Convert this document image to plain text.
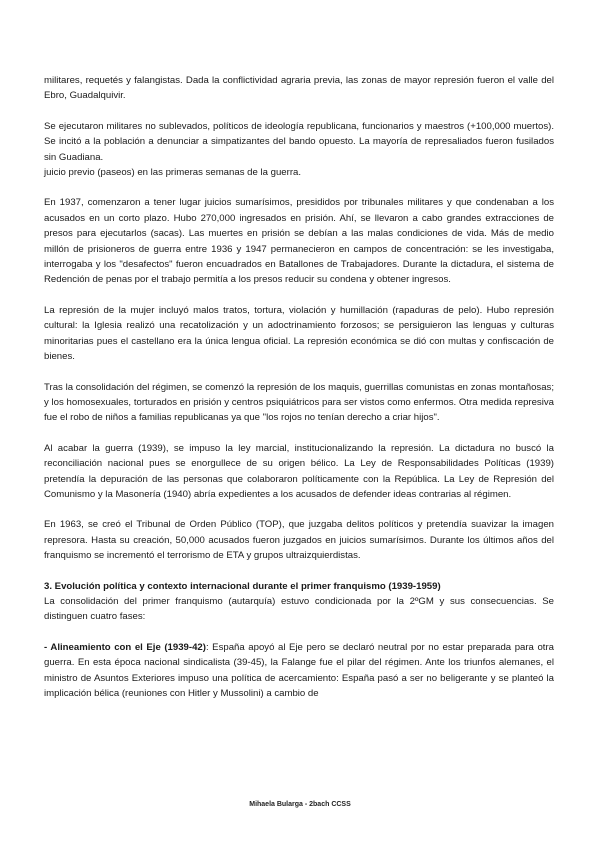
militares, requetés y falangistas. Dada la conflictividad agraria previa, las zonas de mayor represión fueron el valle del Ebro, Guadalquivir.

Se ejecutaron militares no sublevados, políticos de ideología republicana, funcionarios y maestros (+100,000 muertos). Se incitó a la población a denunciar a simpatizantes del bando opuesto. La mayoría de represaliados fueron fusilados sin Guadiana.

juicio previo (paseos) en las primeras semanas de la guerra.

En 1937, comenzaron a tener lugar juicios sumarísimos, presididos por tribunales militares y que condenaban a los acusados en un corto plazo. Hubo 270,000 ingresados en prisión. Ahí, se llevaron a cabo grandes extracciones de presos para ejecutarlos (sacas). Las muertes en prisión se debían a las malas condiciones de vida. Más de medio millón de prisioneros de guerra entre 1936 y 1947 permanecieron en campos de concentración: se les investigaba, interrogaba y los "desafectos" fueron encuadrados en Batallones de Trabajadores. Durante la dictadura, el sistema de Redención de penas por el trabajo permitía a los presos reducir su condena y obtener ingresos.

La represión de la mujer incluyó malos tratos, tortura, violación y humillación (rapaduras de pelo). Hubo represión cultural: la Iglesia realizó una recatolización y un adoctrinamiento forzosos; se persiguieron las lenguas y culturas minoritarias pues el castellano era la única lengua oficial. La represión económica se dió con multas y confiscación de bienes.

Tras la consolidación del régimen, se comenzó la represión de los maquis, guerrillas comunistas en zonas montañosas; y los homosexuales, torturados en prisión y centros psiquiátricos para ser vistos como enfermos. Otra medida represiva fue el robo de niños a familias republicanas ya que "los rojos no tenían derecho a criar hijos".

Al acabar la guerra (1939), se impuso la ley marcial, institucionalizando la represión. La dictadura no buscó la reconciliación nacional pues se enorgullece de su origen bélico. La Ley de Responsabilidades Políticas (1939) pretendía la depuración de las personas que colaboraron políticamente con la República. La Ley de Represión del Comunismo y la Masonería (1940) abría expedientes a los acusados de defender ideas contrarias al régimen.

En 1963, se creó el Tribunal de Orden Público (TOP), que juzgaba delitos políticos y pretendía suavizar la imagen represora. Hasta su creación, 50,000 acusados fueron juzgados en juicios sumarísimos. Durante los últimos años del franquismo se incrementó el terrorismo de ETA y grupos ultraizquierdistas.

3. Evolución política y contexto internacional durante el primer franquismo (1939-1959)

La consolidación del primer franquismo (autarquía) estuvo condicionada por la 2ºGM y sus consecuencias. Se distinguen cuatro fases:

- Alineamiento con el Eje (1939-42): España apoyó al Eje pero se declaró neutral por no estar preparada para otra guerra. En esta época nacional sindicalista (39-45), la Falange fue el pilar del régimen. Ante los triunfos alemanes, el ministro de Asuntos Exteriores impuso una política de acercamiento: España pasó a ser no beligerante y se planteó la implicación bélica (reuniones con Hitler y Mussolini) a cambio de

Mihaela Bularga - 2bach CCSS
